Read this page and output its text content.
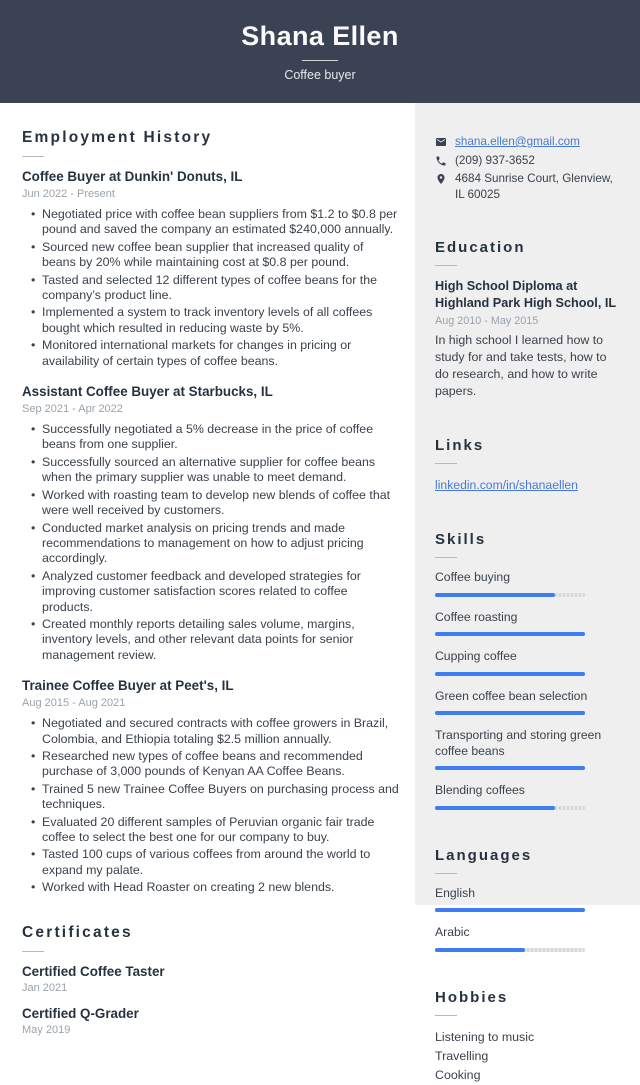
Shana Ellen
Coffee buyer
Employment History
Coffee Buyer at Dunkin' Donuts, IL
Jun 2022 - Present
• Negotiated price with coffee bean suppliers from $1.2 to $0.8 per pound and saved the company an estimated $240,000 annually.
• Sourced new coffee bean supplier that increased quality of beans by 20% while maintaining cost at $0.8 per pound.
• Tasted and selected 12 different types of coffee beans for the company’s product line.
• Implemented a system to track inventory levels of all coffees bought which resulted in reducing waste by 5%.
• Monitored international markets for changes in pricing or availability of certain types of coffee beans.
Assistant Coffee Buyer at Starbucks, IL
Sep 2021 - Apr 2022
• Successfully negotiated a 5% decrease in the price of coffee beans from one supplier.
• Successfully sourced an alternative supplier for coffee beans when the primary supplier was unable to meet demand.
• Worked with roasting team to develop new blends of coffee that were well received by customers.
• Conducted market analysis on pricing trends and made recommendations to management on how to adjust pricing accordingly.
• Analyzed customer feedback and developed strategies for improving customer satisfaction scores related to coffee products.
• Created monthly reports detailing sales volume, margins, inventory levels, and other relevant data points for senior management review.
Trainee Coffee Buyer at Peet's, IL
Aug 2015 - Aug 2021
• Negotiated and secured contracts with coffee growers in Brazil, Colombia, and Ethiopia totaling $2.5 million annually.
• Researched new types of coffee beans and recommended purchase of 3,000 pounds of Kenyan AA Coffee Beans.
• Trained 5 new Trainee Coffee Buyers on purchasing process and techniques.
• Evaluated 20 different samples of Peruvian organic fair trade coffee to select the best one for our company to buy.
• Tasted 100 cups of various coffees from around the world to expand my palate.
• Worked with Head Roaster on creating 2 new blends.
Certificates
Certified Coffee Taster
Jan 2021
Certified Q-Grader
May 2019
shana.ellen@gmail.com
(209) 937-3652
4684 Sunrise Court, Glenview, IL 60025
Education
High School Diploma at Highland Park High School, IL
Aug 2010 - May 2015
In high school I learned how to study for and take tests, how to do research, and how to write papers.
Links
linkedin.com/in/shanaellen
Skills
Coffee buying
Coffee roasting
Cupping coffee
Green coffee bean selection
Transporting and storing green coffee beans
Blending coffees
Languages
English
Arabic
Hobbies
Listening to music
Travelling
Cooking
